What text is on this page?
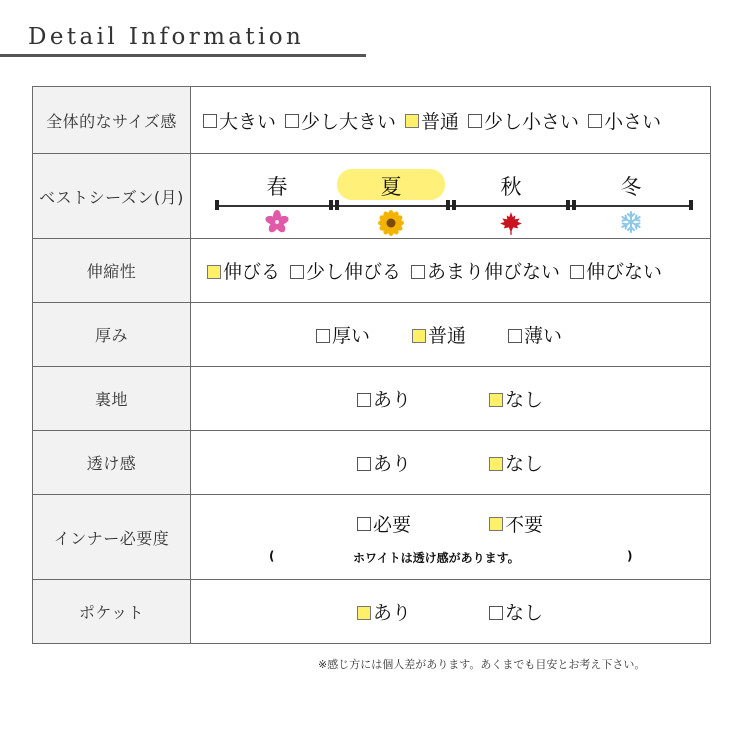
Detail Information
全体的なサイズ感	大きい 少し大きい 普通 少し小さい 小さい

ベストシーズン(月)	春 夏 秋 冬

伸縮性	伸びる 少し伸びる あまり伸びない 伸びない

厚み	厚い 普通 薄い

裏地	あり なし

透け感	あり なし

インナー必要度	必要 不要
( ホワイトは透け感があります。 )

ポケット	あり なし
※感じ方には個人差があります。あくまでも目安とお考え下さい。
